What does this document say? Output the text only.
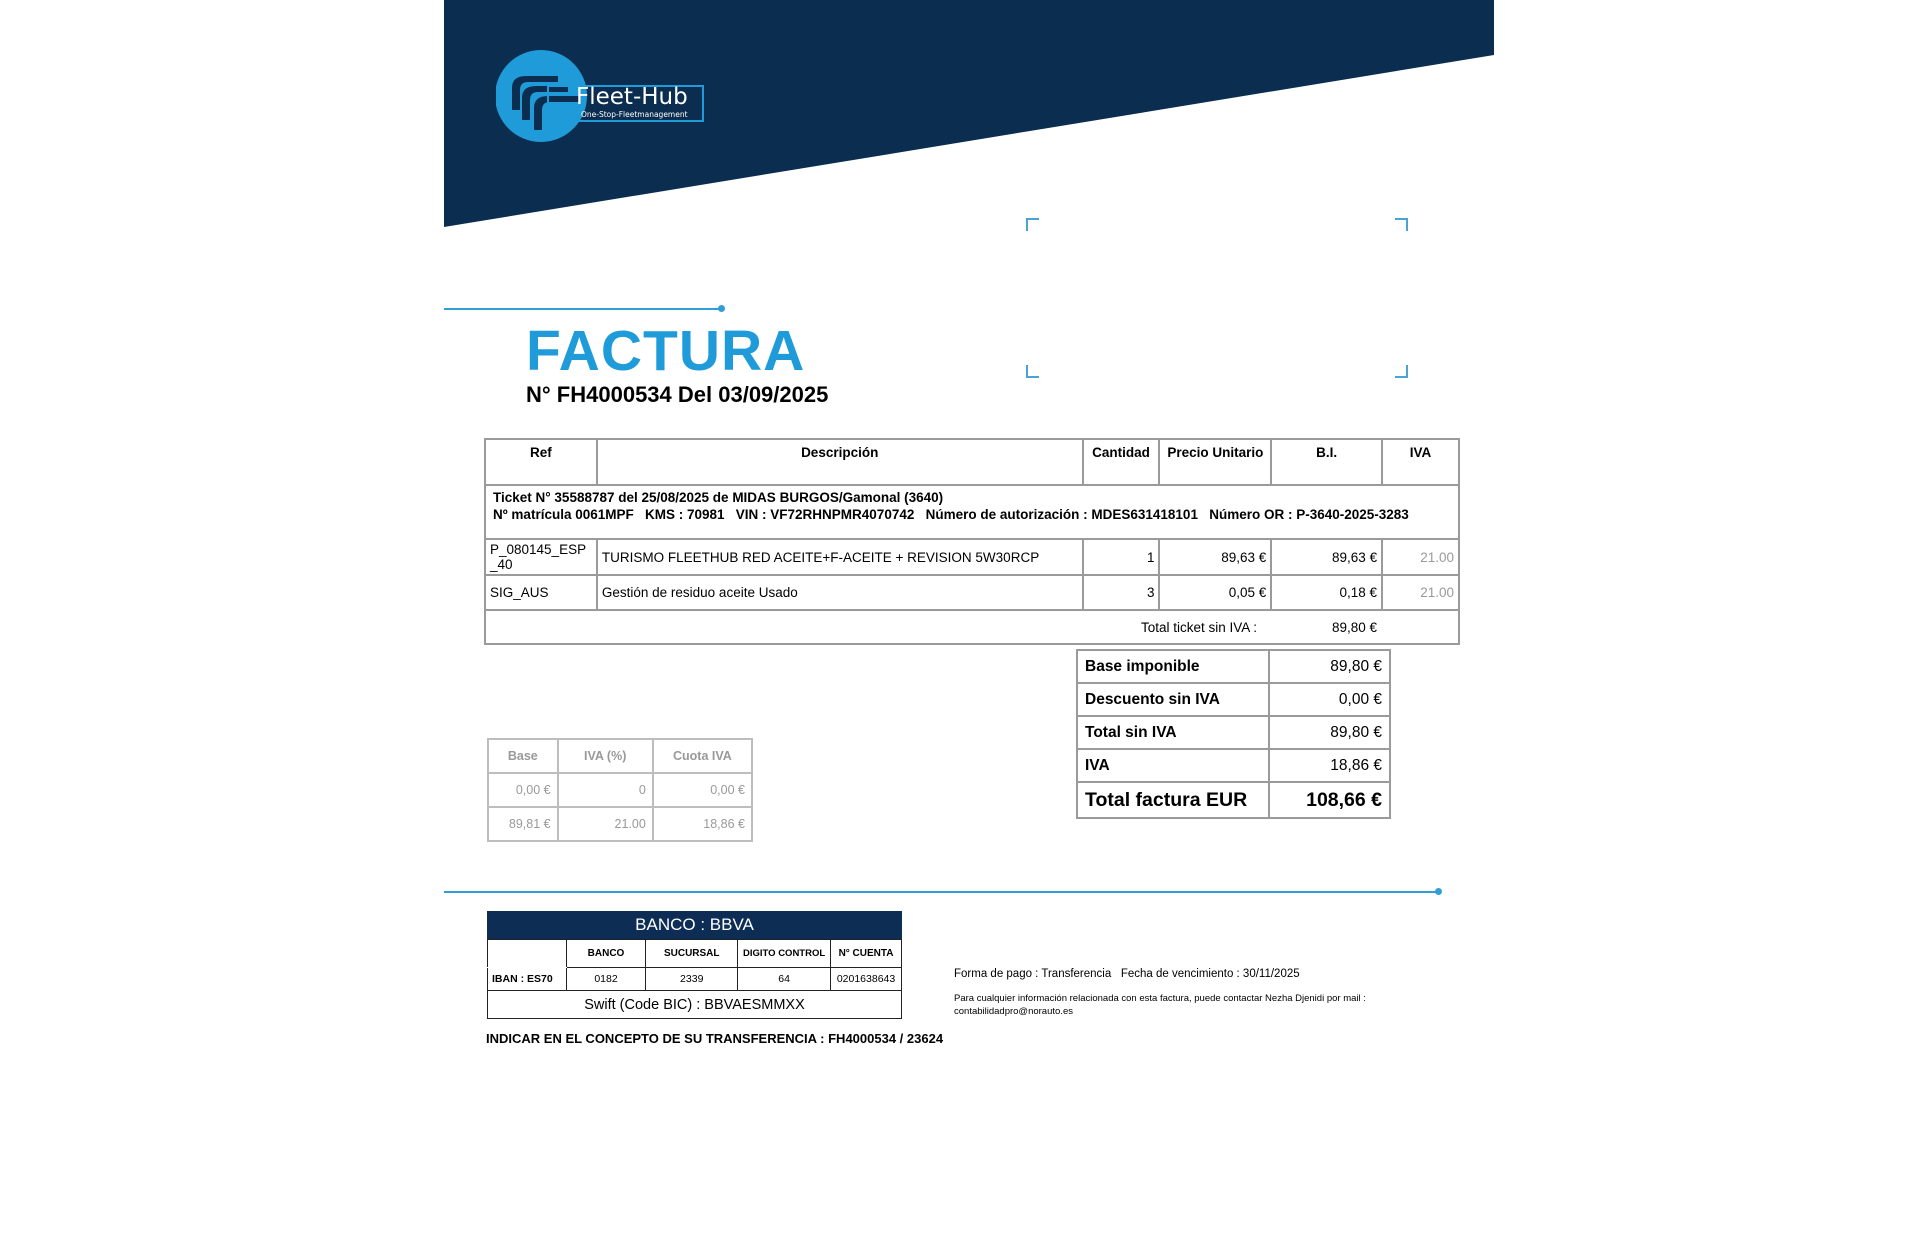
Fleet-Hub
One-Stop-Fleetmanagement
FACTURA
N° FH4000534 Del 03/09/2025
Ref	Descripción	Cantidad	Precio Unitario	B.I.	IVA

Ticket N° 35588787 del 25/08/2025 de MIDAS BURGOS/Gamonal (3640)
Nº matrícula 0061MPF   KMS : 70981   VIN : VF72RHNPMR4070742   Número de autorización : MDES631418101   Número OR : P-3640-2025-3283					

P_080145_ESP_40	TURISMO FLEETHUB RED ACEITE+F-ACEITE + REVISION 5W30RCP	1	89,63 €	89,63 €	21.00
SIG_AUS	Gestión de residuo aceite Usado	3	0,05 €	0,18 €	21.00

Total ticket sin IVA : 89,80 €					
Base imponible	89,80 €
Descuento sin IVA	0,00 €
Total sin IVA	89,80 €
IVA	18,86 €
Total factura EUR	108,66 €
Base	IVA (%)	Cuota IVA
0,00 €	0	0,00 €
89,81 €	21.00	18,86 €
BANCO : BBVA
	BANCO	SUCURSAL	DIGITO CONTROL	N° CUENTA
IBAN : ES70	0182	2339	64	0201638643
Swift (Code BIC) : BBVAESMMXX				
INDICAR EN EL CONCEPTO DE SU TRANSFERENCIA : FH4000534 / 23624
Forma de pago : Transferencia   Fecha de vencimiento : 30/11/2025
Para cualquier información relacionada con esta factura, puede contactar Nezha Djenidi por mail :
contabilidadpro@norauto.es
